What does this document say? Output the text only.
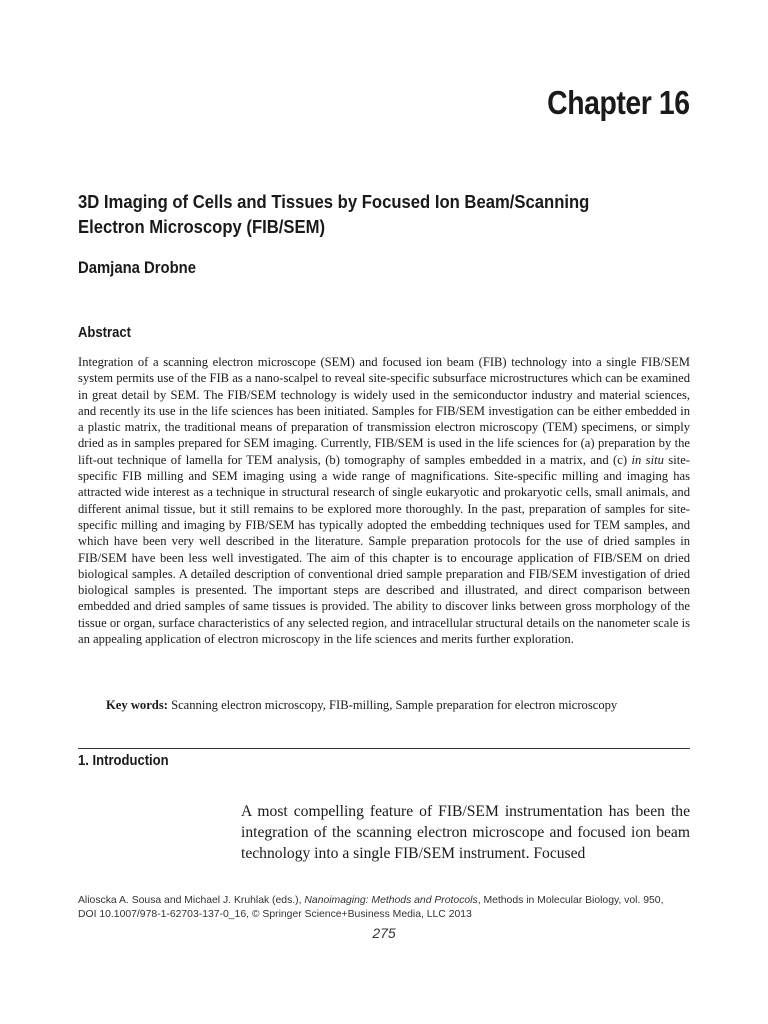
Chapter 16
3D Imaging of Cells and Tissues by Focused Ion Beam/Scanning Electron Microscopy (FIB/SEM)
Damjana Drobne
Abstract
Integration of a scanning electron microscope (SEM) and focused ion beam (FIB) technology into a single FIB/SEM system permits use of the FIB as a nano-scalpel to reveal site-specific subsurface microstructures which can be examined in great detail by SEM. The FIB/SEM technology is widely used in the semiconductor industry and material sciences, and recently its use in the life sciences has been initiated. Samples for FIB/SEM investigation can be either embedded in a plastic matrix, the traditional means of preparation of transmission electron microscopy (TEM) specimens, or simply dried as in samples prepared for SEM imaging. Currently, FIB/SEM is used in the life sciences for (a) preparation by the lift-out technique of lamella for TEM analysis, (b) tomography of samples embedded in a matrix, and (c) in situ site-specific FIB milling and SEM imaging using a wide range of magnifications. Site-specific milling and imaging has attracted wide interest as a technique in structural research of single eukaryotic and prokaryotic cells, small animals, and different animal tissue, but it still remains to be explored more thoroughly. In the past, preparation of samples for site-specific milling and imaging by FIB/SEM has typically adopted the embedding techniques used for TEM samples, and which have been very well described in the literature. Sample preparation protocols for the use of dried samples in FIB/SEM have been less well investigated. The aim of this chapter is to encourage application of FIB/SEM on dried biological samples. A detailed description of conventional dried sample preparation and FIB/SEM investigation of dried biological samples is presented. The important steps are described and illustrated, and direct comparison between embedded and dried samples of same tissues is provided. The ability to discover links between gross morphology of the tissue or organ, surface characteristics of any selected region, and intracellular structural details on the nanometer scale is an appealing application of electron microscopy in the life sciences and merits further exploration.
Key words: Scanning electron microscopy, FIB-milling, Sample preparation for electron microscopy
1. Introduction
A most compelling feature of FIB/SEM instrumentation has been the integration of the scanning electron microscope and focused ion beam technology into a single FIB/SEM instrument. Focused
Alioscka A. Sousa and Michael J. Kruhlak (eds.), Nanoimaging: Methods and Protocols, Methods in Molecular Biology, vol. 950,
DOI 10.1007/978-1-62703-137-0_16, © Springer Science+Business Media, LLC 2013
275
